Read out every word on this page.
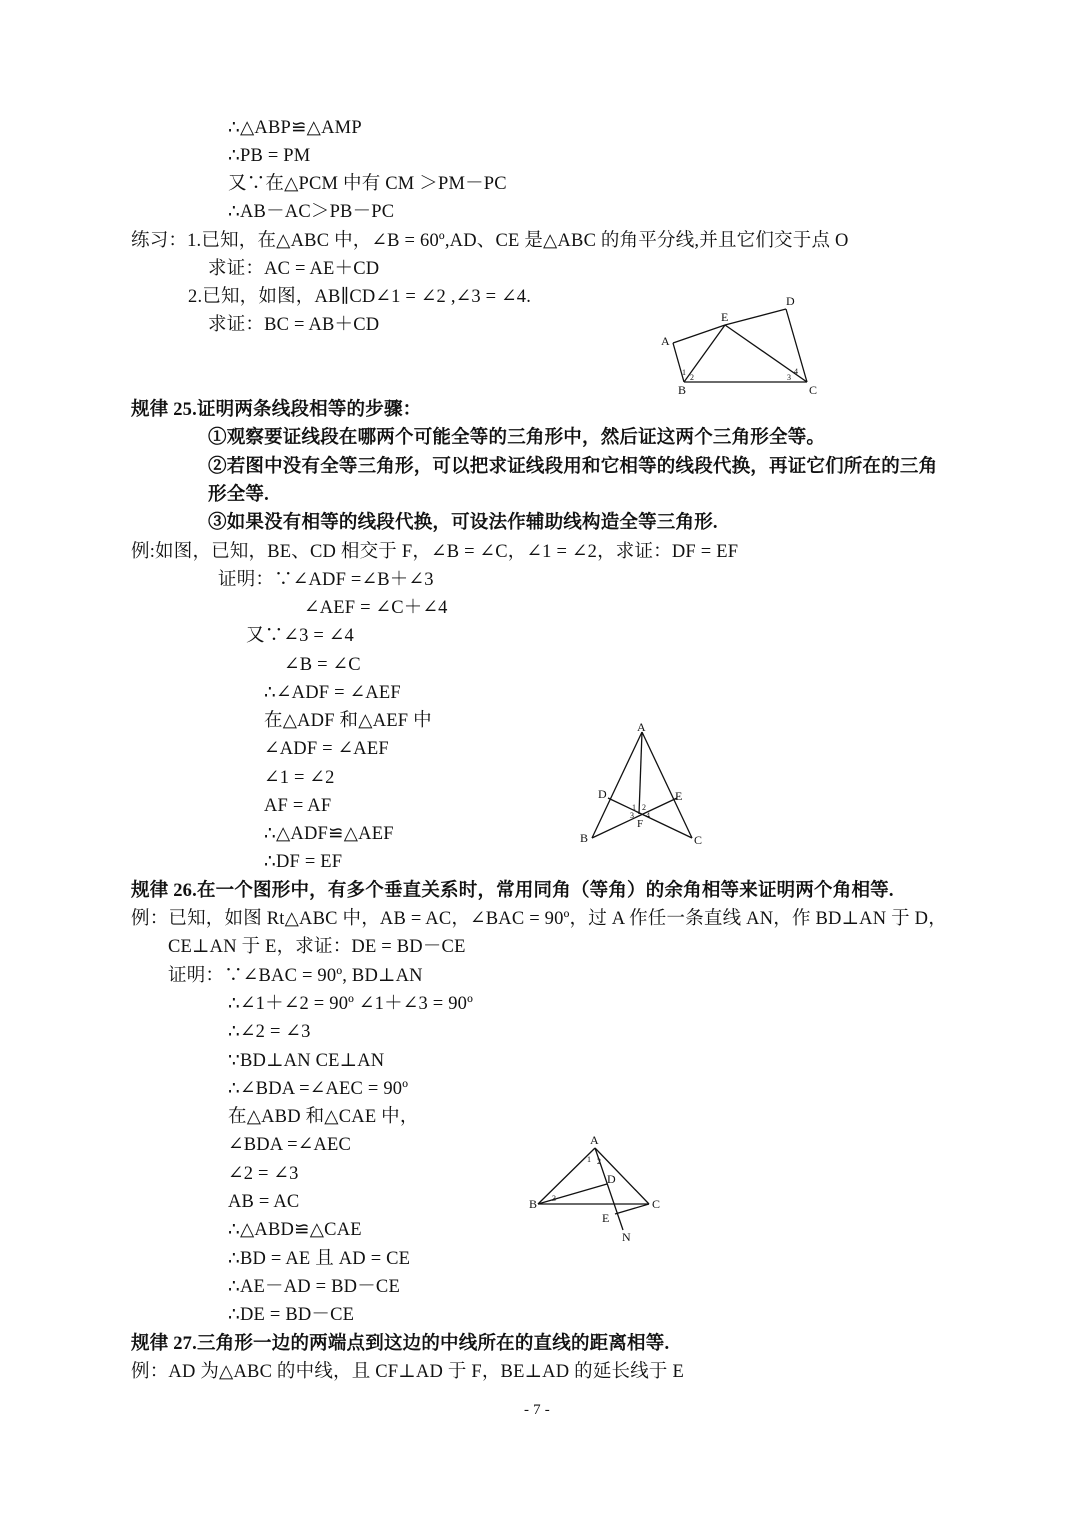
∴△ABP≌△AMP
∴PB = PM
又∵在△PCM 中有 CM ＞PM－PC
∴AB－AC＞PB－PC
练习：1.已知，在△ABC 中，∠B = 60º,AD、CE 是△ABC 的角平分线,并且它们交于点 O
求证：AC = AE＋CD
2.已知，如图，AB∥CD∠1 = ∠2 ,∠3 = ∠4.
求证：BC = AB＋CD
规律 25.证明两条线段相等的步骤：
①观察要证线段在哪两个可能全等的三角形中，然后证这两个三角形全等。
②若图中没有全等三角形，可以把求证线段用和它相等的线段代换，再证它们所在的三角
形全等.
③如果没有相等的线段代换，可设法作辅助线构造全等三角形.
例:如图，已知，BE、CD 相交于 F，∠B = ∠C，∠1 = ∠2，求证：DF = EF
证明：∵∠ADF =∠B＋∠3
∠AEF = ∠C＋∠4
又∵∠3 = ∠4
∠B = ∠C
∴∠ADF = ∠AEF
在△ADF 和△AEF 中
∠ADF = ∠AEF
∠1 = ∠2
AF = AF
∴△ADF≌△AEF
∴DF = EF
规律 26.在一个图形中，有多个垂直关系时，常用同角（等角）的余角相等来证明两个角相等.
例：已知，如图 Rt△ABC 中，AB = AC，∠BAC = 90º，过 A 作任一条直线 AN，作 BD⊥AN 于 D，
CE⊥AN 于 E，求证：DE = BD－CE
证明：∵∠BAC = 90º, BD⊥AN
∴∠1＋∠2 = 90º ∠1＋∠3 = 90º
∴∠2 = ∠3
∵BD⊥AN CE⊥AN
∴∠BDA =∠AEC = 90º
在△ABD 和△CAE 中，
∠BDA =∠AEC
∠2 = ∠3
AB = AC
∴△ABD≌△CAE
∴BD = AE 且 AD = CE
∴AE－AD = BD－CE
∴DE = BD－CE
规律 27.三角形一边的两端点到这边的中线所在的直线的距离相等.
例：AD 为△ABC 的中线，且 CF⊥AD 于 F，BE⊥AD 的延长线于 E
- 7 -
A
B	C
D
E
1
2	3
4
A
B	C
D	E
F
1 2
3 4
A
B	C
D
E
N
1 2
3
